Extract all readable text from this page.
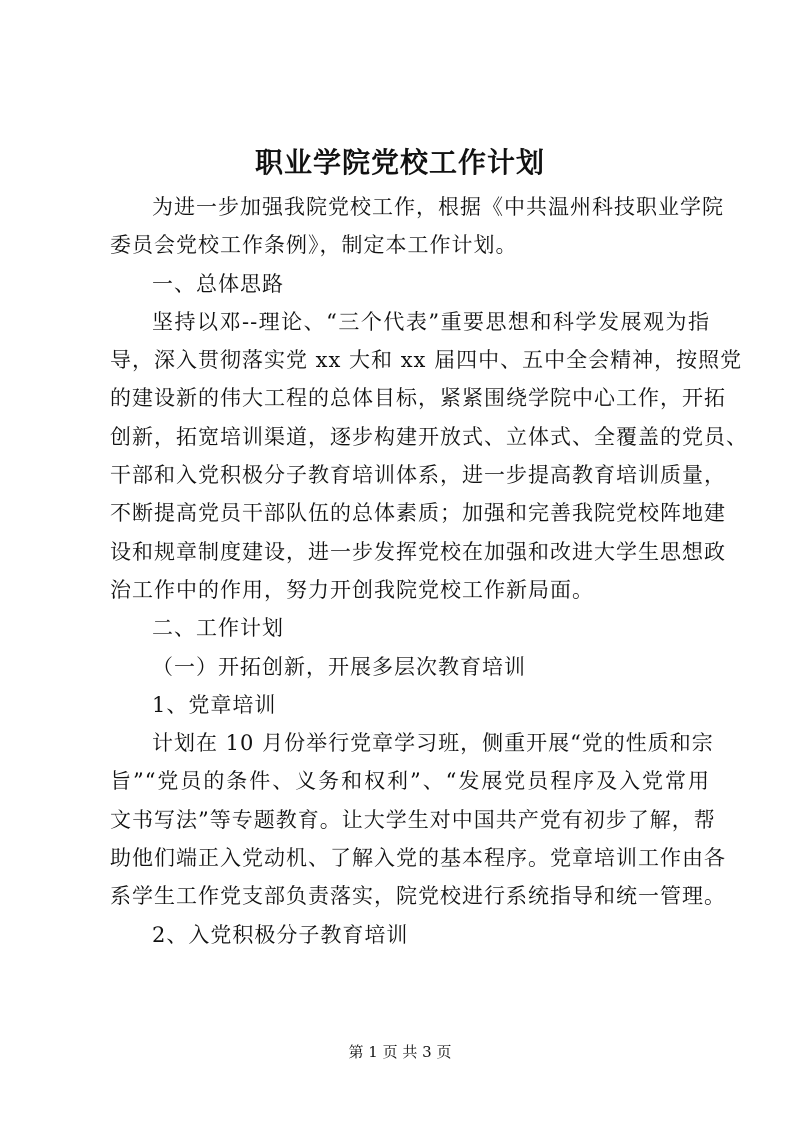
职业学院党校工作计划
为进一步加强我院党校工作，根据《中共温州科技职业学院
委员会党校工作条例》，制定本工作计划。
一、总体思路
坚持以邓--理论、“三个代表”重要思想和科学发展观为指
导，深入贯彻落实党 xx 大和 xx 届四中、五中全会精神，按照党
的建设新的伟大工程的总体目标，紧紧围绕学院中心工作，开拓
创新，拓宽培训渠道，逐步构建开放式、立体式、全覆盖的党员、
干部和入党积极分子教育培训体系，进一步提高教育培训质量，
不断提高党员干部队伍的总体素质；加强和完善我院党校阵地建
设和规章制度建设，进一步发挥党校在加强和改进大学生思想政
治工作中的作用，努力开创我院党校工作新局面。
二、工作计划
（一）开拓创新，开展多层次教育培训
1、党章培训
计划在 10 月份举行党章学习班，侧重开展“党的性质和宗
旨”“党员的条件、义务和权利”、“发展党员程序及入党常用
文书写法”等专题教育。让大学生对中国共产党有初步了解，帮
助他们端正入党动机、了解入党的基本程序。党章培训工作由各
系学生工作党支部负责落实，院党校进行系统指导和统一管理。
2、入党积极分子教育培训
第 1 页 共 3 页
